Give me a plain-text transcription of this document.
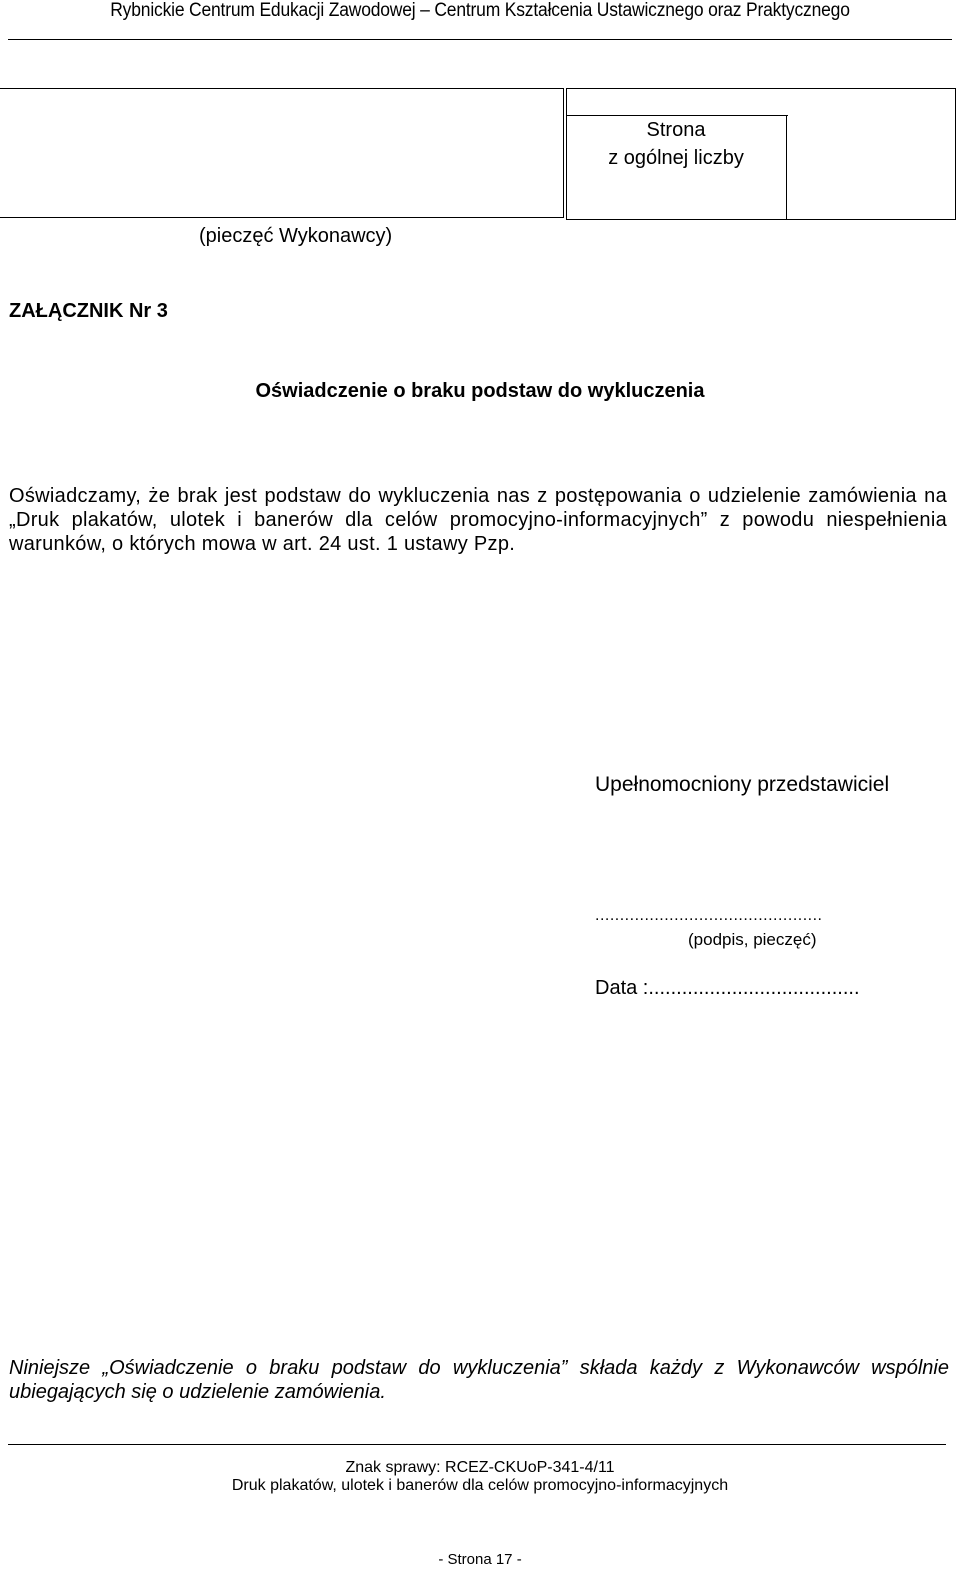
Rybnickie Centrum Edukacji Zawodowej – Centrum Kształcenia Ustawicznego oraz Praktycznego
Strona
z ogólnej liczby
(pieczęć Wykonawcy)
ZAŁĄCZNIK Nr 3
Oświadczenie o braku podstaw do wykluczenia
Oświadczamy, że brak jest podstaw do wykluczenia nas z postępowania o udzielenie zamówienia na „Druk plakatów, ulotek i banerów dla celów promocyjno-informacyjnych” z powodu niespełnienia warunków, o których mowa w art. 24 ust. 1 ustawy Pzp.
Upełnomocniony przedstawiciel
..............................................
(podpis, pieczęć)
Data :......................................
Niniejsze „Oświadczenie o braku podstaw do wykluczenia” składa każdy z Wykonawców wspólnie ubiegających się o udzielenie zamówienia.
Znak sprawy: RCEZ-CKUoP-341-4/11
Druk plakatów, ulotek i banerów dla celów promocyjno-informacyjnych
- Strona 17 -
